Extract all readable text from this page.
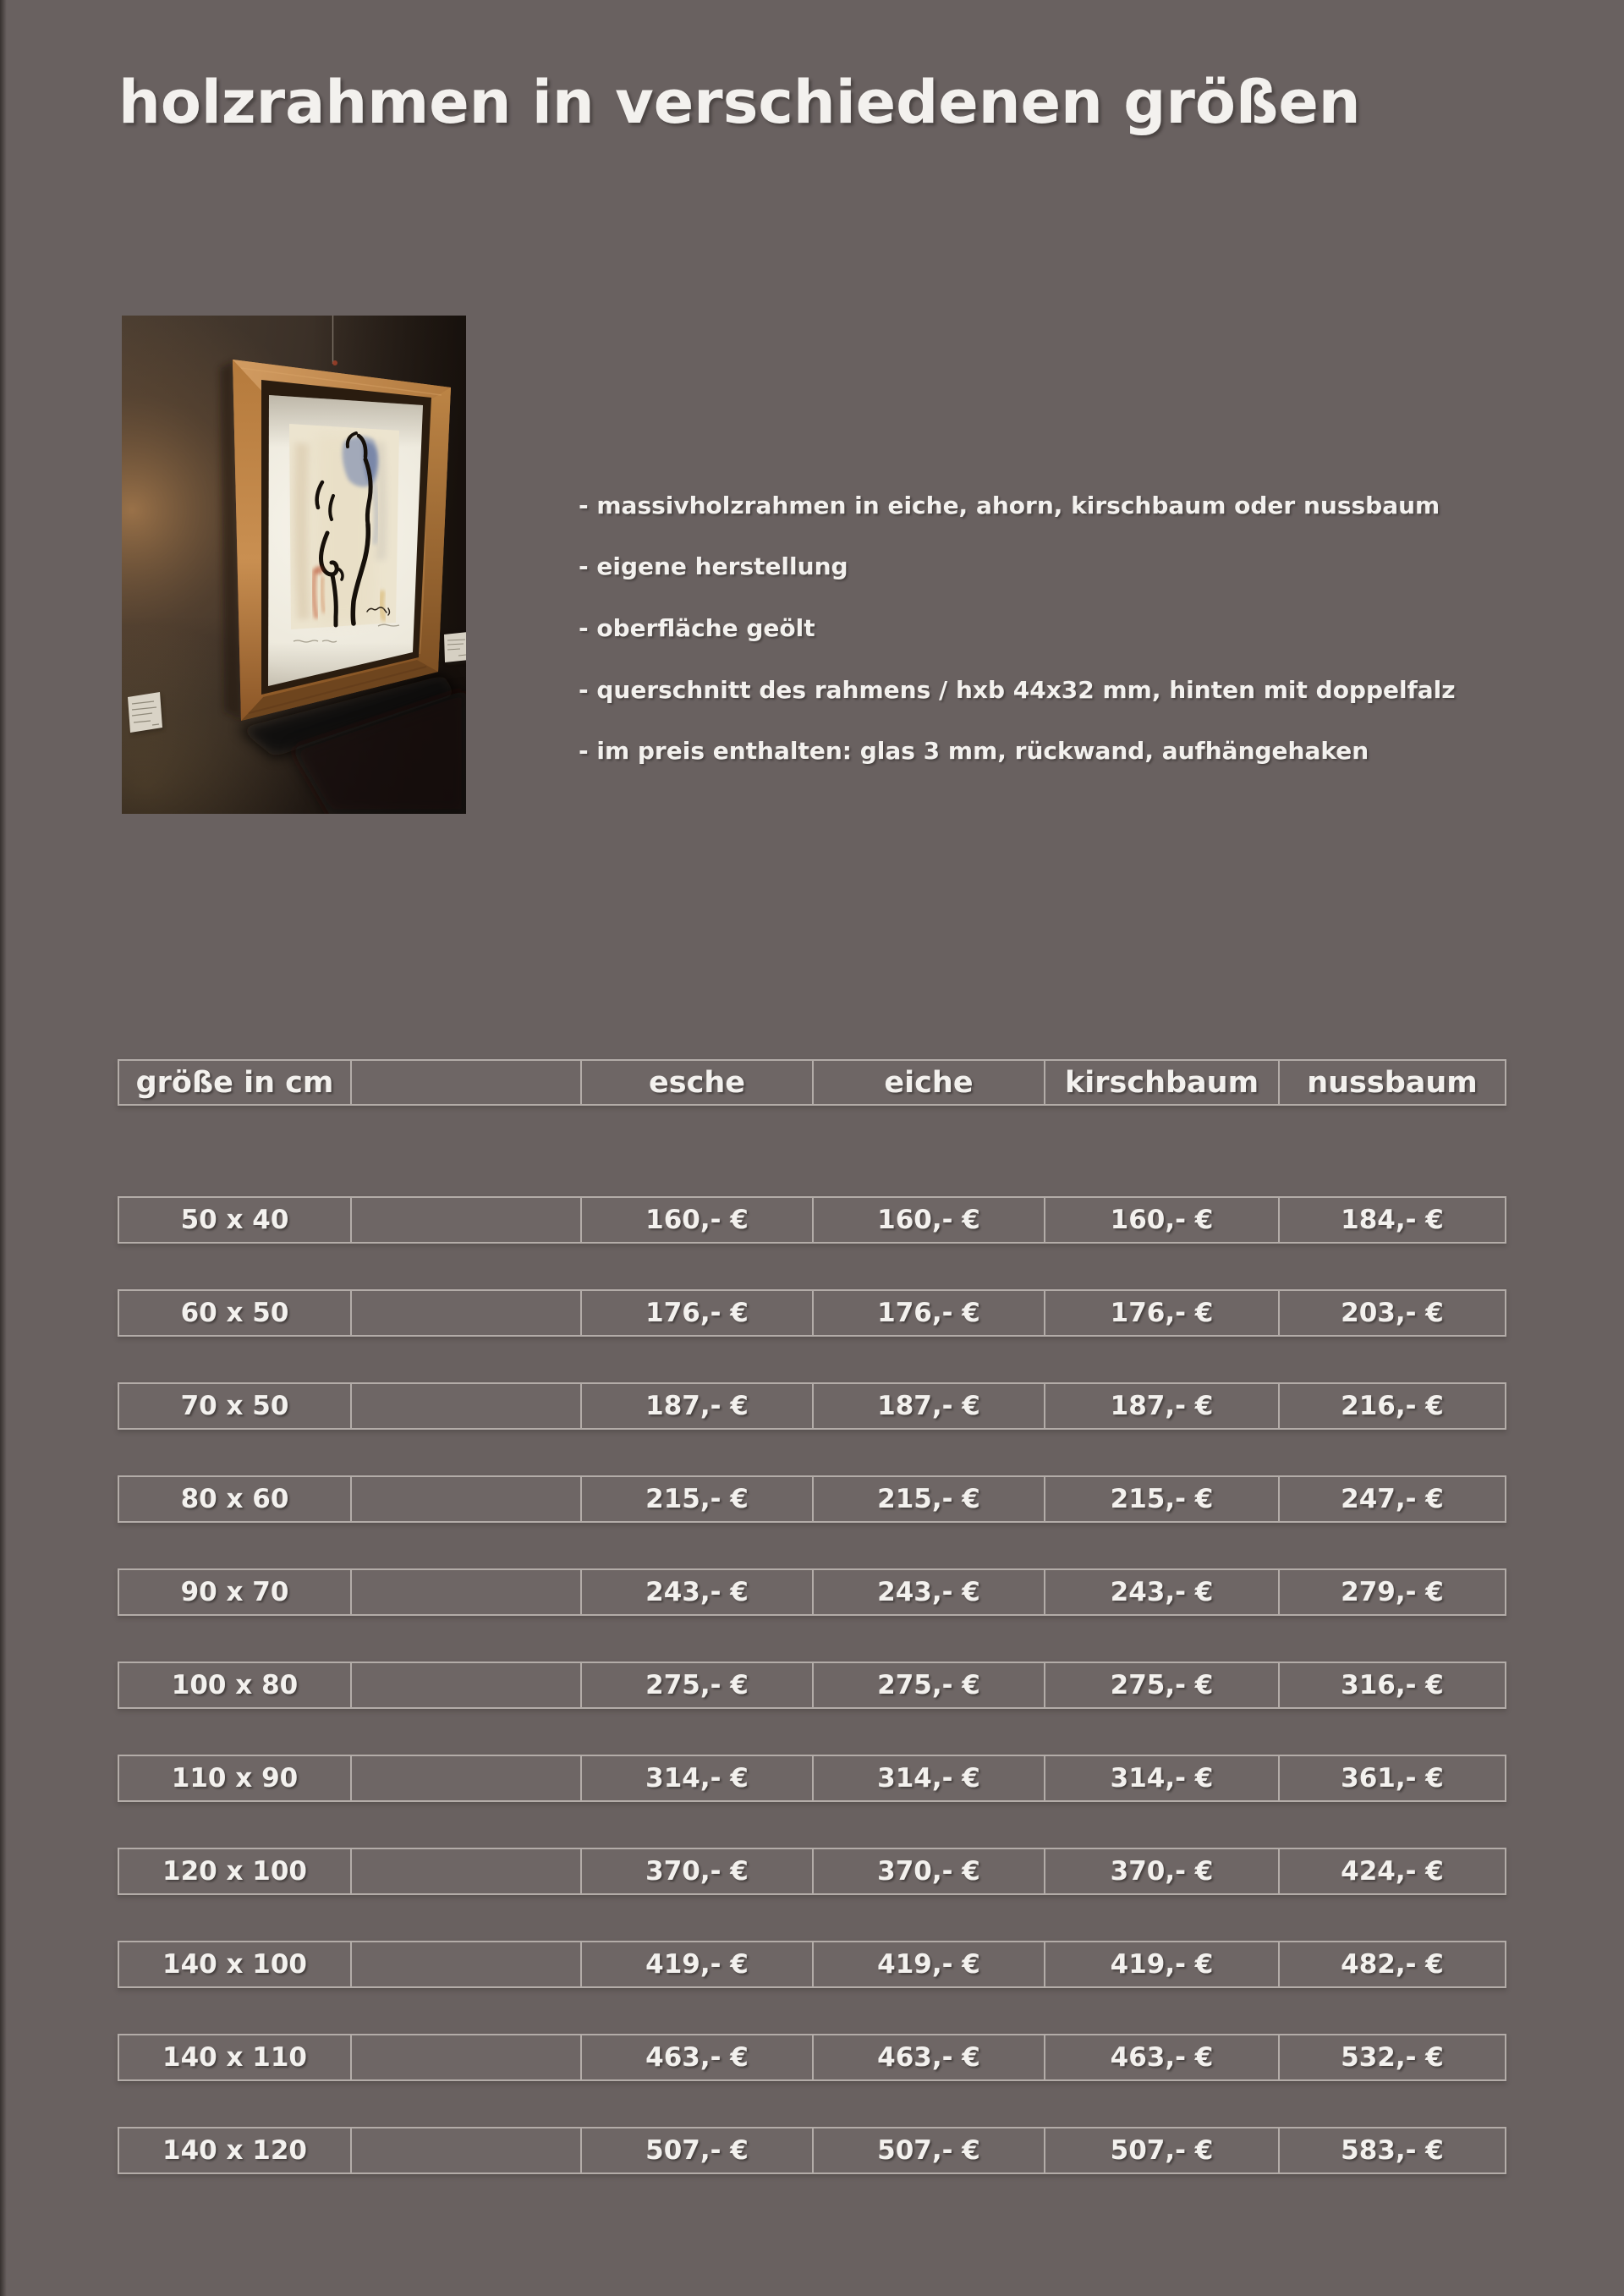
holzrahmen in verschiedenen größen
- massivholzrahmen in eiche, ahorn, kirschbaum oder nussbaum
- eigene herstellung
- oberfläche geölt
- querschnitt des rahmens / hxb 44x32 mm, hinten mit doppelfalz
- im preis enthalten: glas 3 mm, rückwand, aufhängehaken
größe in cm	esche	eiche	kirschbaum	nussbaum
50 x 40	160,- €	160,- €	160,- €	184,- €
60 x 50	176,- €	176,- €	176,- €	203,- €
70 x 50	187,- €	187,- €	187,- €	216,- €
80 x 60	215,- €	215,- €	215,- €	247,- €
90 x 70	243,- €	243,- €	243,- €	279,- €
100 x 80	275,- €	275,- €	275,- €	316,- €
110 x 90	314,- €	314,- €	314,- €	361,- €
120 x 100	370,- €	370,- €	370,- €	424,- €
140 x 100	419,- €	419,- €	419,- €	482,- €
140 x 110	463,- €	463,- €	463,- €	532,- €
140 x 120	507,- €	507,- €	507,- €	583,- €
